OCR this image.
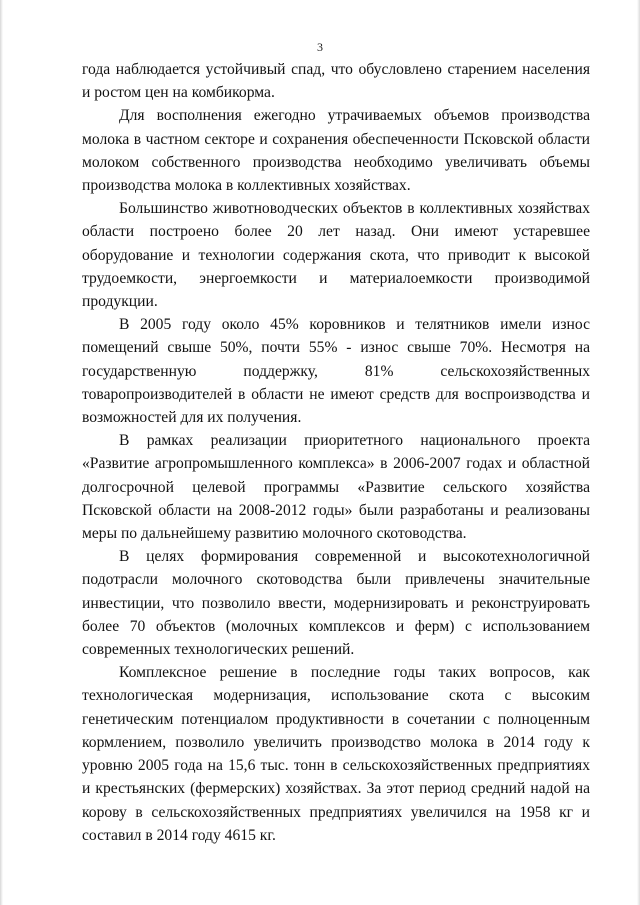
3

года наблюдается устойчивый спад, что обусловлено старением населения и ростом цен на комбикорма.

Для восполнения ежегодно утрачиваемых объемов производства молока в частном секторе и сохранения обеспеченности Псковской области молоком собственного производства необходимо увеличивать объемы производства молока в коллективных хозяйствах.

Большинство животноводческих объектов в коллективных хозяйствах области построено более 20 лет назад. Они имеют устаревшее оборудование и технологии содержания скота, что приводит к высокой трудоемкости, энергоемкости и материалоемкости производимой продукции.

В 2005 году около 45% коровников и телятников имели износ помещений свыше 50%, почти 55% - износ свыше 70%. Несмотря на государственную поддержку, 81% сельскохозяйственных товаропроизводителей в области не имеют средств для воспроизводства и возможностей для их получения.

В рамках реализации приоритетного национального проекта «Развитие агропромышленного комплекса» в 2006-2007 годах и областной долгосрочной целевой программы «Развитие сельского хозяйства Псковской области на 2008-2012 годы» были разработаны и реализованы меры по дальнейшему развитию молочного скотоводства.

В целях формирования современной и высокотехнологичной подотрасли молочного скотоводства были привлечены значительные инвестиции, что позволило ввести, модернизировать и реконструировать более 70 объектов (молочных комплексов и ферм) с использованием современных технологических решений.

Комплексное решение в последние годы таких вопросов, как технологическая модернизация, использование скота с высоким генетическим потенциалом продуктивности в сочетании с полноценным кормлением, позволило увеличить производство молока в 2014 году к уровню 2005 года на 15,6 тыс. тонн в сельскохозяйственных предприятиях и крестьянских (фермерских) хозяйствах. За этот период средний надой на корову в сельскохозяйственных предприятиях увеличился на 1958 кг и составил в 2014 году 4615 кг.
